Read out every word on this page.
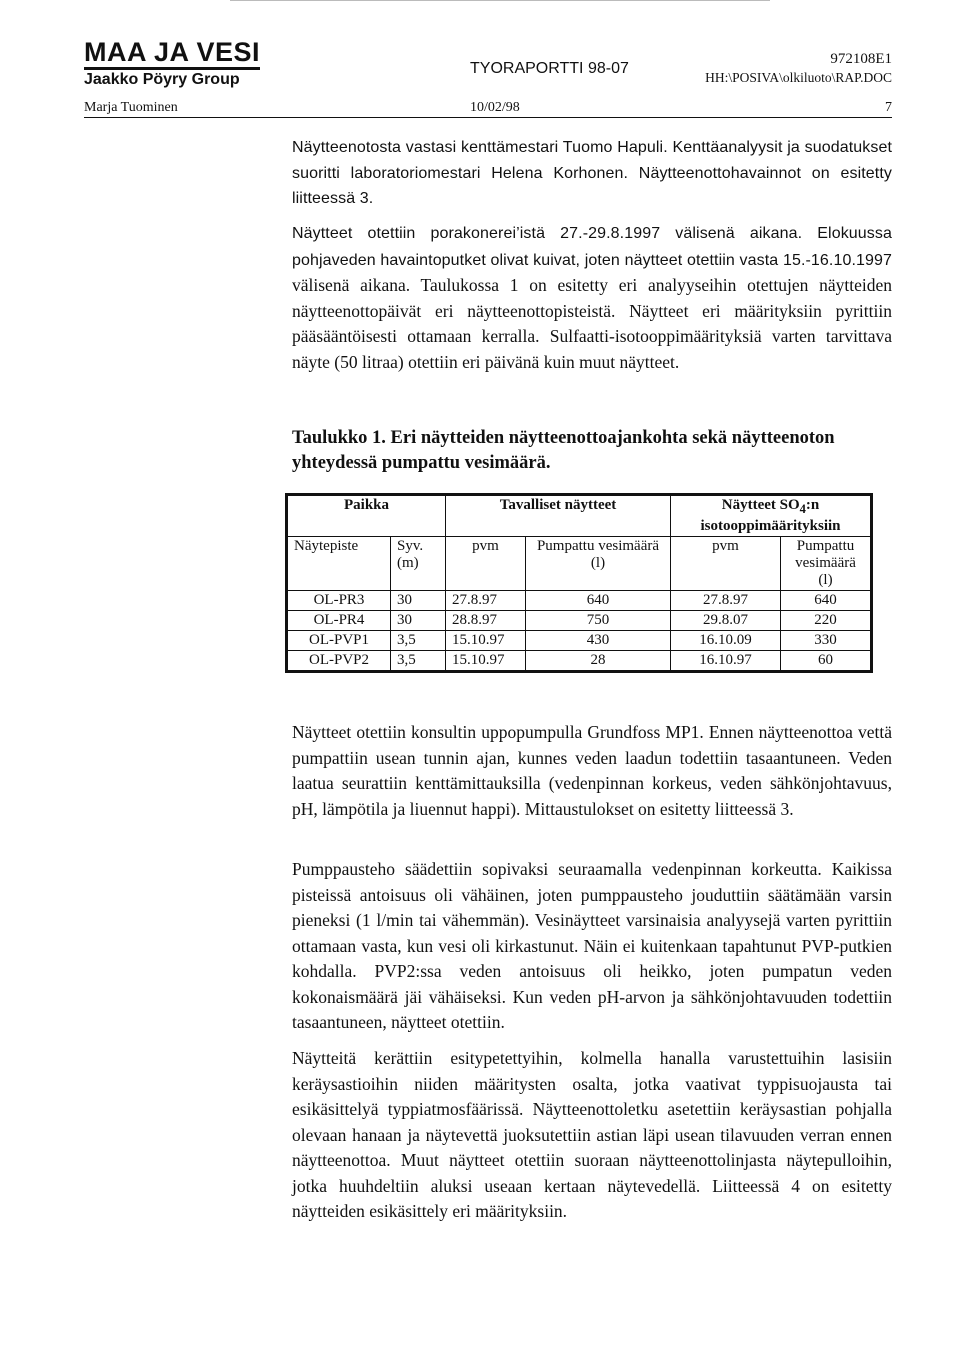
MAA JA VESI
Jaakko Pöyry Group
TYORAPORTTI 98-07
972108E1
HH:\POSIVA\olkiluoto\RAP.DOC
Marja Tuominen	10/02/98	7
Näytteenotosta vastasi kenttämestari Tuomo Hapuli. Kenttäanalyysit ja suodatukset suoritti laboratoriomestari Helena Korhonen. Näytteenottohavainnot on esitetty liitteessä 3.
Näytteet otettiin porakonerei’istä 27.-29.8.1997 välisenä aikana. Elokuussa pohjaveden havaintoputket olivat kuivat, joten näytteet otettiin vasta 15.-16.10.1997 välisenä aikana. Taulukossa 1 on esitetty eri analyyseihin otettujen näytteiden näytteenottopäivät eri näytteenottopisteistä. Näytteet eri määrityksiin pyrittiin pääsääntöisesti ottamaan kerralla. Sulfaatti-isotooppimäärityksiä varten tarvittava näyte (50 litraa) otettiin eri päivänä kuin muut näytteet.
Taulukko 1. Eri näytteiden näytteenottoajankohta sekä näytteenoton yhteydessä pumpattu vesimäärä.
Paikka		Tavalliset näytteet		Näytteet $SO_4:n$ isotooppimäärityksiin	
Näytepiste	Syv. (m)	pvm	Pumpattu vesimäärä (l)	pvm	Pumpattu vesimäärä (l)
OL-PR3	30	27.8.97	640	27.8.97	640
OL-PR4	30	28.8.97	750	29.8.07	220
OL-PVP1	3,5	15.10.97	430	16.10.09	330
OL-PVP2	3,5	15.10.97	28	16.10.97	60
Näytteet otettiin konsultin uppopumpulla Grundfoss MP1. Ennen näytteenottoa vettä pumpattiin usean tunnin ajan, kunnes veden laadun todettiin tasaantuneen. Veden laatua seurattiin kenttämittauksilla (vedenpinnan korkeus, veden sähkönjohtavuus, pH, lämpötila ja liuennut happi). Mittaustulokset on esitetty liitteessä 3.
Pumppausteho säädettiin sopivaksi seuraamalla vedenpinnan korkeutta. Kaikissa pisteissä antoisuus oli vähäinen, joten pumppausteho jouduttiin säätämään varsin pieneksi (1 l/min tai vähemmän). Vesinäytteet varsinaisia analyysejä varten pyrittiin ottamaan vasta, kun vesi oli kirkastunut. Näin ei kuitenkaan tapahtunut PVP-putkien kohdalla. PVP2:ssa veden antoisuus oli heikko, joten pumpatun veden kokonaismäärä jäi vähäiseksi. Kun veden pH-arvon ja sähkönjohtavuuden todettiin tasaantuneen, näytteet otettiin.
Näytteitä kerättiin esitypetettyihin, kolmella hanalla varustettuihin lasisiin keräysastioihin niiden määritysten osalta, jotka vaativat typpisuojausta tai esikäsittelyä typpiatmosfäärissä. Näytteenottoletku asetettiin keräysastian pohjalla olevaan hanaan ja näytevettä juoksutettiin astian läpi usean tilavuuden verran ennen näytteenottoa. Muut näytteet otettiin suoraan näytteenottolinjasta näytepulloihin, jotka huuhdeltiin aluksi useaan kertaan näytevedellä. Liitteessä 4 on esitetty näytteiden esikäsittely eri määrityksiin.
